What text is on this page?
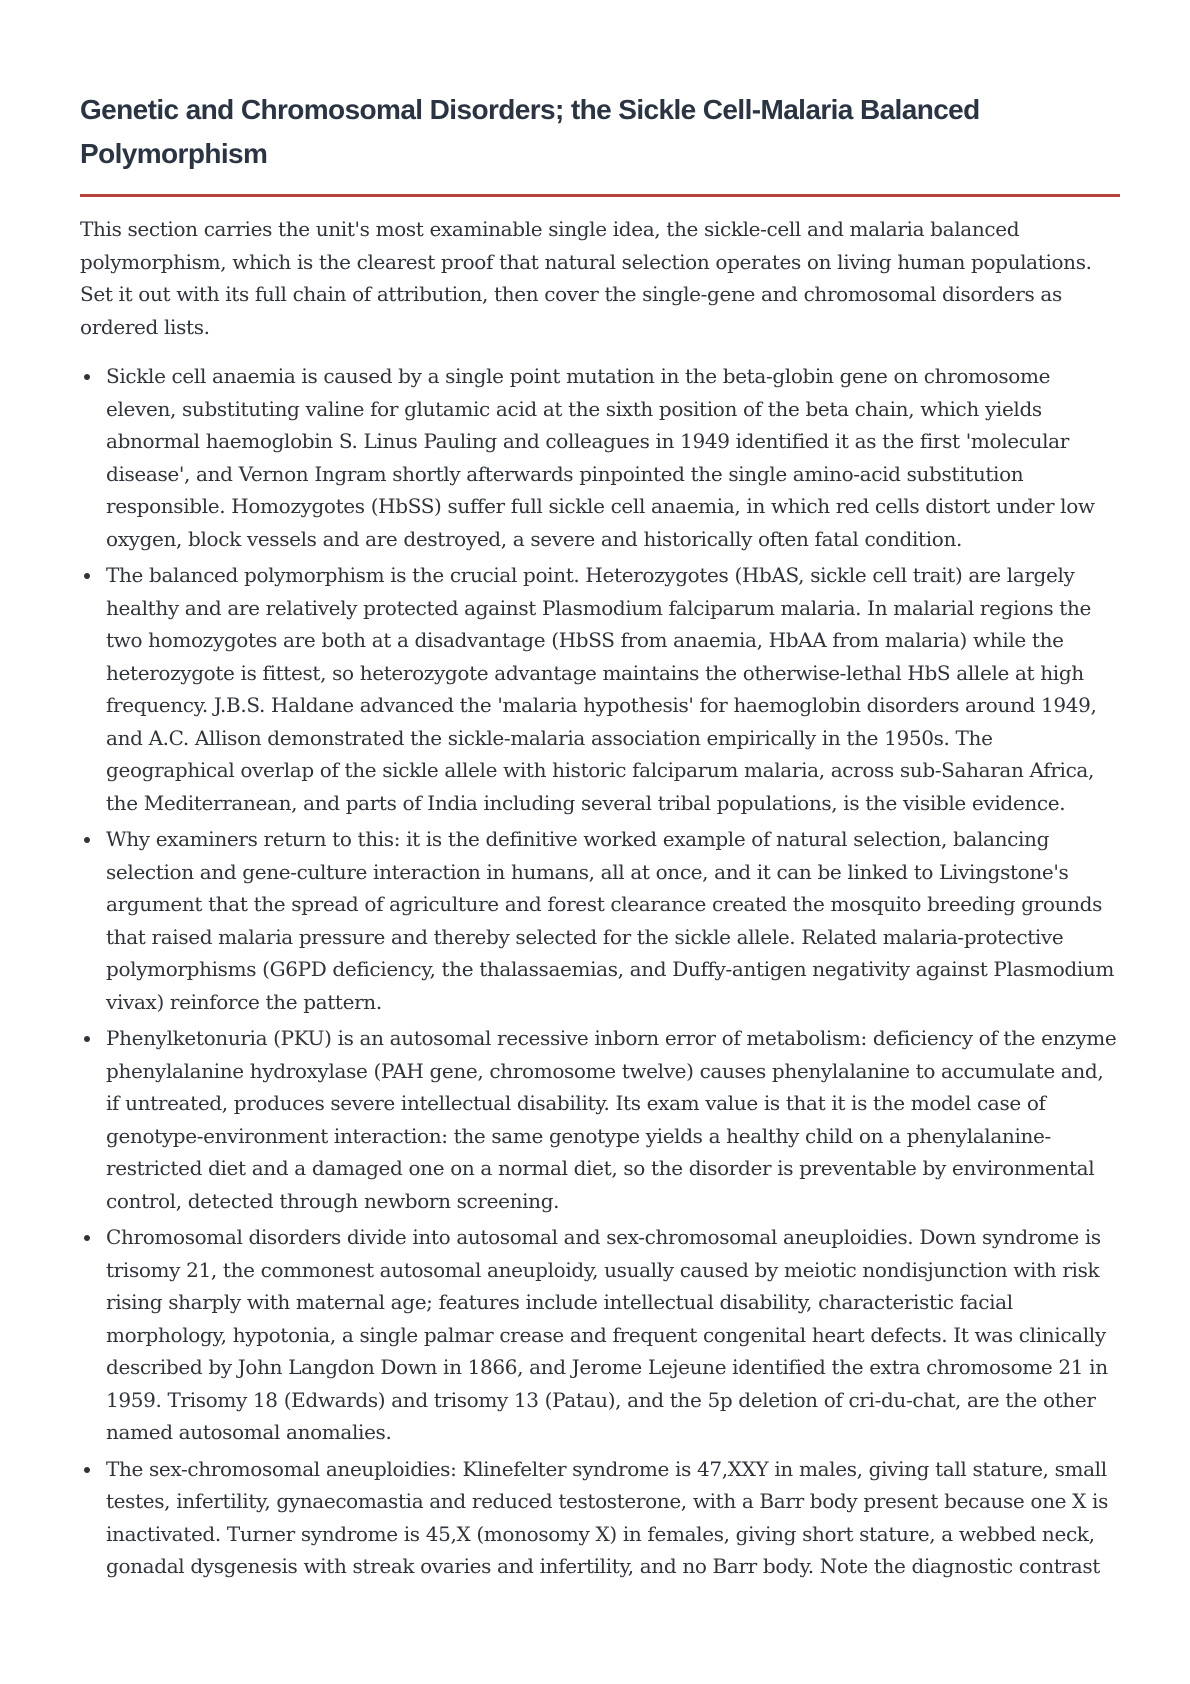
Genetic and Chromosomal Disorders; the Sickle Cell-Malaria Balanced Polymorphism

This section carries the unit's most examinable single idea, the sickle-cell and malaria balanced polymorphism, which is the clearest proof that natural selection operates on living human populations. Set it out with its full chain of attribution, then cover the single-gene and chromosomal disorders as ordered lists.

Sickle cell anaemia is caused by a single point mutation in the beta-globin gene on chromosome eleven, substituting valine for glutamic acid at the sixth position of the beta chain, which yields abnormal haemoglobin S. Linus Pauling and colleagues in 1949 identified it as the first 'molecular disease', and Vernon Ingram shortly afterwards pinpointed the single amino-acid substitution responsible. Homozygotes (HbSS) suffer full sickle cell anaemia, in which red cells distort under low oxygen, block vessels and are destroyed, a severe and historically often fatal condition.
The balanced polymorphism is the crucial point. Heterozygotes (HbAS, sickle cell trait) are largely healthy and are relatively protected against Plasmodium falciparum malaria. In malarial regions the two homozygotes are both at a disadvantage (HbSS from anaemia, HbAA from malaria) while the heterozygote is fittest, so heterozygote advantage maintains the otherwise-lethal HbS allele at high frequency. J.B.S. Haldane advanced the 'malaria hypothesis' for haemoglobin disorders around 1949, and A.C. Allison demonstrated the sickle-malaria association empirically in the 1950s. The geographical overlap of the sickle allele with historic falciparum malaria, across sub-Saharan Africa, the Mediterranean, and parts of India including several tribal populations, is the visible evidence.
Why examiners return to this: it is the definitive worked example of natural selection, balancing selection and gene-culture interaction in humans, all at once, and it can be linked to Livingstone's argument that the spread of agriculture and forest clearance created the mosquito breeding grounds that raised malaria pressure and thereby selected for the sickle allele. Related malaria-protective polymorphisms (G6PD deficiency, the thalassaemias, and Duffy-antigen negativity against Plasmodium vivax) reinforce the pattern.
Phenylketonuria (PKU) is an autosomal recessive inborn error of metabolism: deficiency of the enzyme phenylalanine hydroxylase (PAH gene, chromosome twelve) causes phenylalanine to accumulate and, if untreated, produces severe intellectual disability. Its exam value is that it is the model case of genotype-environment interaction: the same genotype yields a healthy child on a phenylalanine-restricted diet and a damaged one on a normal diet, so the disorder is preventable by environmental control, detected through newborn screening.
Chromosomal disorders divide into autosomal and sex-chromosomal aneuploidies. Down syndrome is trisomy 21, the commonest autosomal aneuploidy, usually caused by meiotic nondisjunction with risk rising sharply with maternal age; features include intellectual disability, characteristic facial morphology, hypotonia, a single palmar crease and frequent congenital heart defects. It was clinically described by John Langdon Down in 1866, and Jerome Lejeune identified the extra chromosome 21 in 1959. Trisomy 18 (Edwards) and trisomy 13 (Patau), and the 5p deletion of cri-du-chat, are the other named autosomal anomalies.
The sex-chromosomal aneuploidies: Klinefelter syndrome is 47,XXY in males, giving tall stature, small testes, infertility, gynaecomastia and reduced testosterone, with a Barr body present because one X is inactivated. Turner syndrome is 45,X (monosomy X) in females, giving short stature, a webbed neck, gonadal dysgenesis with streak ovaries and infertility, and no Barr body. Note the diagnostic contrast
